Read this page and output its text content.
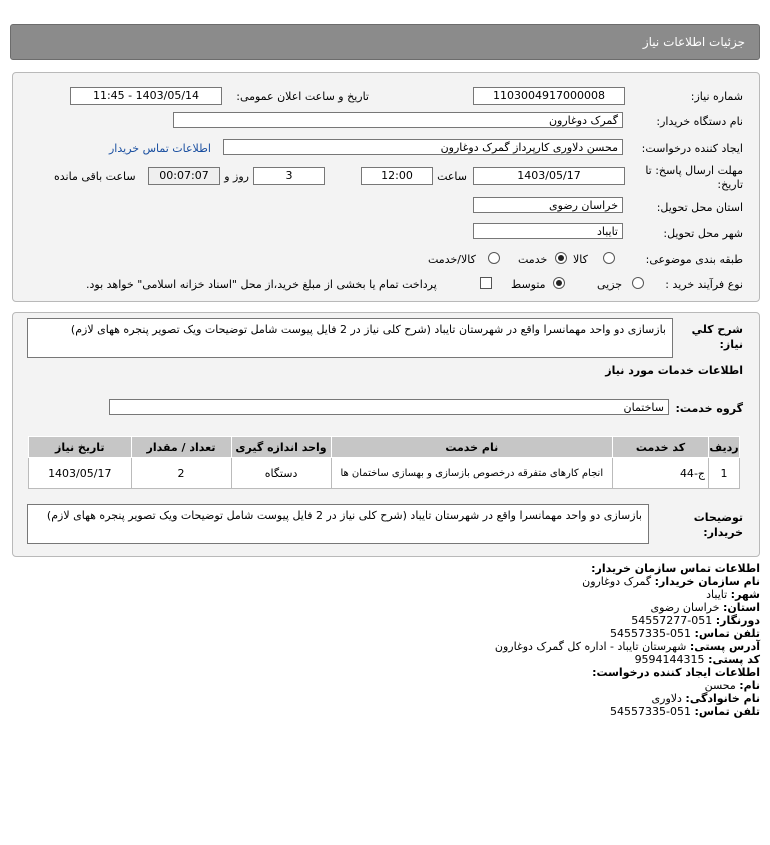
جزئیات اطلاعات نیاز
شماره نیاز:
1103004917000008
تاریخ و ساعت اعلان عمومی:
1403/05/14 - 11:45
نام دستگاه خریدار:
گمرک دوغارون
ایجاد کننده درخواست:
محسن دلاوری کارپرداز گمرک دوغارون
اطلاعات تماس خریدار
مهلت ارسال پاسخ: تا
تاریخ:
1403/05/17
ساعت
12:00
3
روز و
00:07:07
ساعت باقی مانده
استان محل تحویل:
خراسان رضوی
شهر محل تحویل:
تایباد
طبقه بندی موضوعی:
کالا
خدمت
کالا/خدمت
نوع فرآیند خرید :
جزیی
متوسط
پرداخت تمام یا بخشی از مبلغ خرید،از محل "اسناد خزانه اسلامی" خواهد بود.
شرح کلي
نیاز:
بازسازی دو واحد مهمانسرا واقع در شهرستان تایباد (شرح کلی نیاز در 2 فایل پیوست شامل توضیحات ویک تصویر پنجره ههای لازم)
اطلاعات خدمات مورد نیاز
گروه خدمت:
ساختمان
توضیحات
خریدار:
بازسازی دو واحد مهمانسرا واقع در شهرستان تایباد (شرح کلی نیاز در 2 فایل پیوست شامل توضیحات ویک تصویر پنجره ههای لازم)
ردیف	کد خدمت	نام خدمت	واحد اندازه گیری	تعداد / مقدار	تاریخ نیاز
1	ج-44	انجام کارهای متفرقه درخصوص بازسازی و بهسازی ساختمان ها	دستگاه	2	1403/05/17
اطلاعات تماس سازمان خریدار:
نام سازمان خریدار: گمرک دوغارون
شهر: تایباد
استان: خراسان رضوی
دورنگار: 051-54557277
تلفن تماس: 051-54557335
آدرس پستی: شهرستان تایباد - اداره کل گمرک دوغارون
کد پستی: 9594144315
اطلاعات ایجاد کننده درخواست:
نام: محسن
نام خانوادگی: دلاوری
تلفن تماس: 051-54557335
